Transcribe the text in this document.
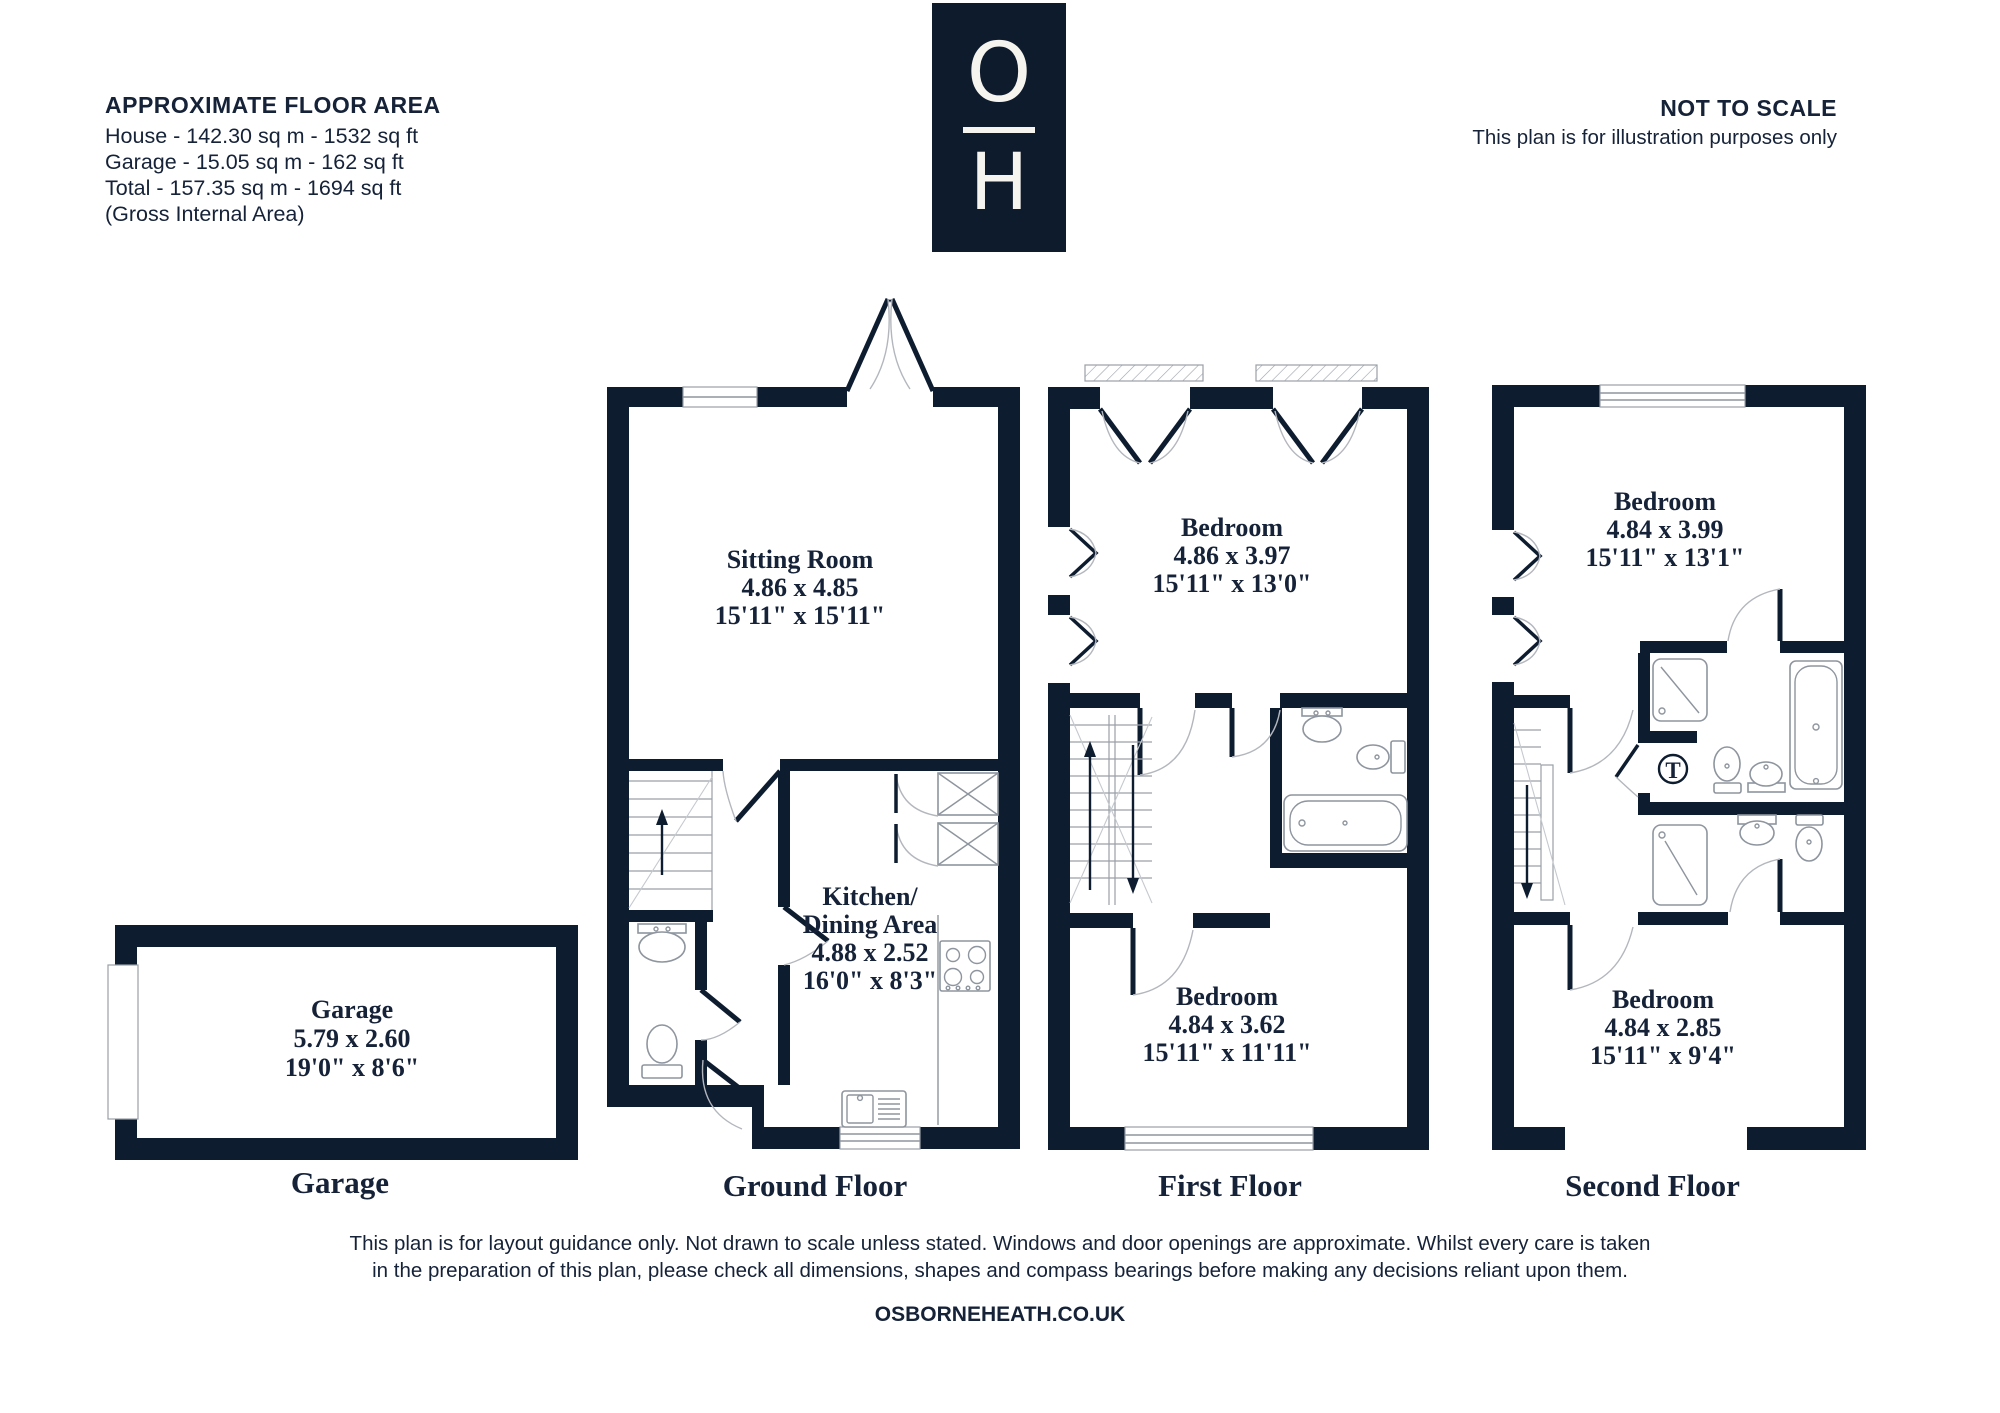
APPROXIMATE FLOOR AREA
House - 142.30 sq m - 1532 sq ft
Garage - 15.05 sq m - 162 sq ft
Total - 157.35 sq m - 1694 sq ft
(Gross Internal Area)
O
H
NOT TO SCALE
This plan is for illustration purposes only
Garage
5.79 x 2.60
19'0" x 8'6"
Sitting Room
4.86 x 4.85
15'11" x 15'11"
Kitchen/
Dining Area
4.88 x 2.52
16'0" x 8'3"
Bedroom
4.86 x 3.97
15'11" x 13'0"
Bedroom
4.84 x 3.62
15'11" x 11'11"
T
Bedroom
4.84 x 3.99
15'11" x 13'1"
Bedroom
4.84 x 2.85
15'11" x 9'4"
Garage	Ground Floor	First Floor	Second Floor
This plan is for layout guidance only. Not drawn to scale unless stated. Windows and door openings are approximate. Whilst every care is taken
in the preparation of this plan, please check all dimensions, shapes and compass bearings before making any decisions reliant upon them.
OSBORNEHEATH.CO.UK
